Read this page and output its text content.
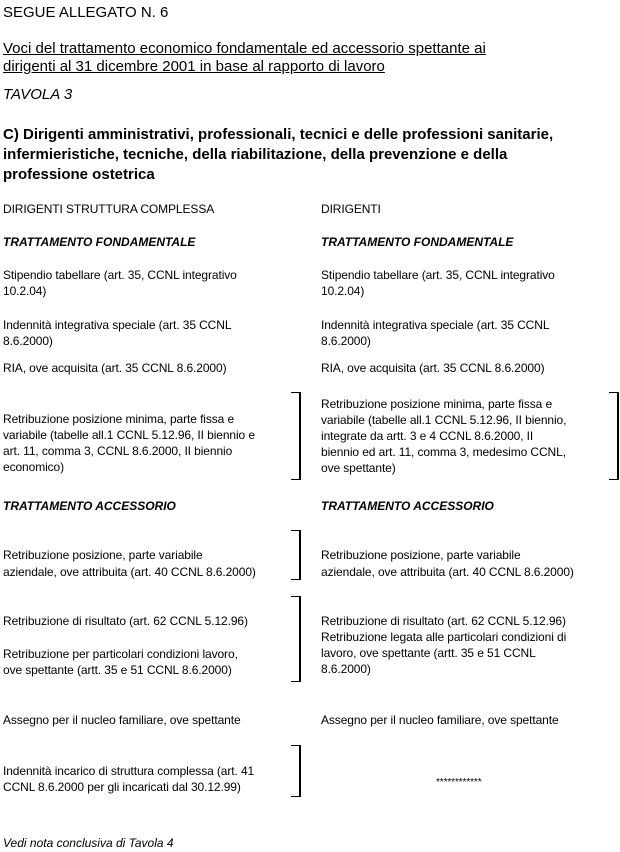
SEGUE ALLEGATO N. 6
Voci del trattamento economico fondamentale ed accessorio spettante ai
dirigenti al 31 dicembre 2001 in base al rapporto di lavoro
TAVOLA 3
C) Dirigenti amministrativi, professionali, tecnici e delle professioni sanitarie,
infermieristiche, tecniche, della riabilitazione, della prevenzione e della
professione ostetrica
DIRIGENTI STRUTTURA COMPLESSA
TRATTAMENTO FONDAMENTALE
Stipendio tabellare (art. 35, CCNL integrativo
10.2.04)
Indennità integrativa speciale (art. 35 CCNL
8.6.2000)
RIA, ove acquisita (art. 35 CCNL 8.6.2000)
Retribuzione posizione minima, parte fissa e
variabile (tabelle all.1 CCNL 5.12.96, II biennio e
art. 11, comma 3, CCNL 8.6.2000, II biennio
economico)
TRATTAMENTO ACCESSORIO
Retribuzione posizione, parte variabile
aziendale, ove attribuita (art. 40 CCNL 8.6.2000)
Retribuzione di risultato (art. 62 CCNL 5.12.96)
Retribuzione per particolari condizioni lavoro,
ove spettante (artt. 35 e 51 CCNL 8.6.2000)
Assegno per il nucleo familiare, ove spettante
Indennità incarico di struttura complessa (art. 41
CCNL 8.6.2000 per gli incaricati dal 30.12.99)
DIRIGENTI
TRATTAMENTO FONDAMENTALE
Stipendio tabellare (art. 35, CCNL integrativo
10.2.04)
Indennità integrativa speciale (art. 35 CCNL
8.6.2000)
RIA, ove acquisita (art. 35 CCNL 8.6.2000)
Retribuzione posizione minima, parte fissa e
variabile (tabelle all.1 CCNL 5.12.96, II biennio,
integrate da artt. 3 e 4 CCNL 8.6.2000, II
biennio ed art. 11, comma 3, medesimo CCNL,
ove spettante)
TRATTAMENTO ACCESSORIO
Retribuzione posizione, parte variabile
aziendale, ove attribuita (art. 40 CCNL 8.6.2000)
Retribuzione di risultato (art. 62 CCNL 5.12.96)
Retribuzione legata alle particolari condizioni di
lavoro, ove spettante (artt. 35 e 51 CCNL
8.6.2000)
Assegno per il nucleo familiare, ove spettante
************
Vedi nota conclusiva di Tavola 4
